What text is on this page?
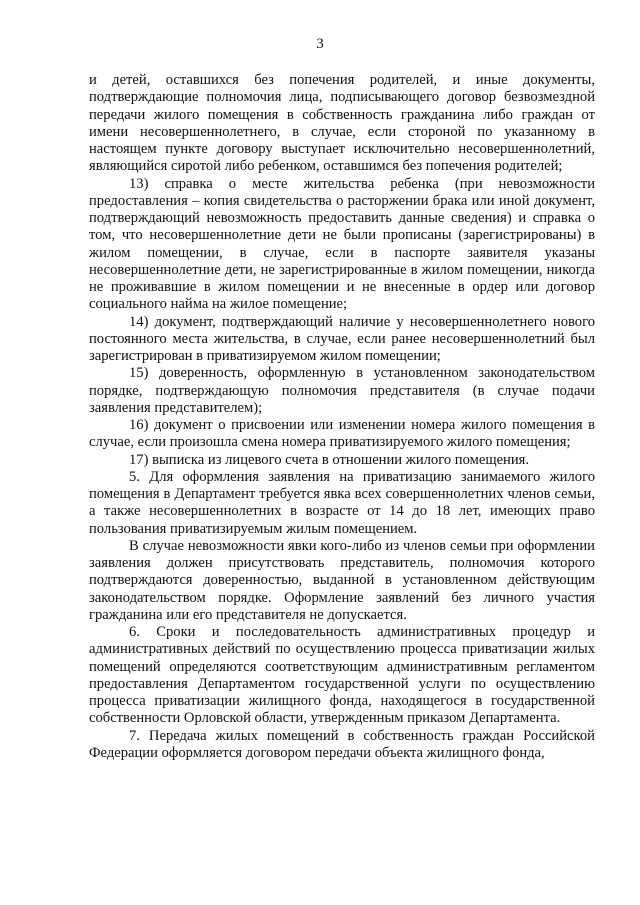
3

и детей, оставшихся без попечения родителей, и иные документы, подтверждающие полномочия лица, подписывающего договор безвозмездной передачи жилого помещения в собственность гражданина либо граждан от имени несовершеннолетнего, в случае, если стороной по указанному в настоящем пункте договору выступает исключительно несовершеннолетний, являющийся сиротой либо ребенком, оставшимся без попечения родителей;

13) справка о месте жительства ребенка (при невозможности предоставления – копия свидетельства о расторжении брака или иной документ, подтверждающий невозможность предоставить данные сведения) и справка о том, что несовершеннолетние дети не были прописаны (зарегистрированы) в жилом помещении, в случае, если в паспорте заявителя указаны несовершеннолетние дети, не зарегистрированные в жилом помещении, никогда не проживавшие в жилом помещении и не внесенные в ордер или договор социального найма на жилое помещение;

14) документ, подтверждающий наличие у несовершеннолетнего нового постоянного места жительства, в случае, если ранее несовершеннолетний был зарегистрирован в приватизируемом жилом помещении;

15) доверенность, оформленную в установленном законодательством порядке, подтверждающую полномочия представителя (в случае подачи заявления представителем);

16) документ о присвоении или изменении номера жилого помещения в случае, если произошла смена номера приватизируемого жилого помещения;

17) выписка из лицевого счета в отношении жилого помещения.

5. Для оформления заявления на приватизацию занимаемого жилого помещения в Департамент требуется явка всех совершеннолетних членов семьи, а также несовершеннолетних в возрасте от 14 до 18 лет, имеющих право пользования приватизируемым жилым помещением.

В случае невозможности явки кого-либо из членов семьи при оформлении заявления должен присутствовать представитель, полномочия которого подтверждаются доверенностью, выданной в установленном действующим законодательством порядке. Оформление заявлений без личного участия гражданина или его представителя не допускается.

6. Сроки и последовательность административных процедур и административных действий по осуществлению процесса приватизации жилых помещений определяются соответствующим административным регламентом предоставления Департаментом государственной услуги по осуществлению процесса приватизации жилищного фонда, находящегося в государственной собственности Орловской области, утвержденным приказом Департамента.

7. Передача жилых помещений в собственность граждан Российской Федерации оформляется договором передачи объекта жилищного фонда,
